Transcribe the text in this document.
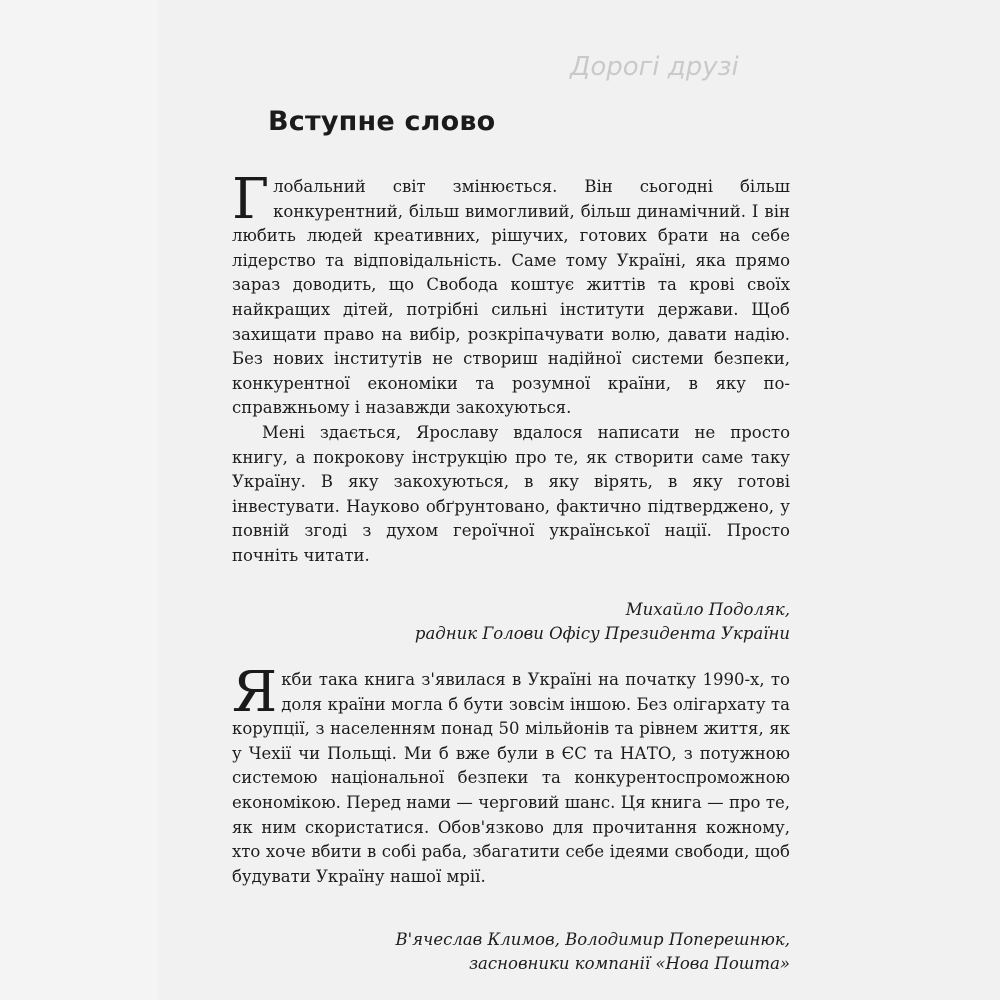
Дорогі друзі
Вступне слово

Глобальний світ змінюється. Він сьогодні більш конкурентний, більш вимогливий, більш динамічний. І він любить людей креативних, рішучих, готових брати на себе лідерство та відповідальність. Саме тому Україні, яка прямо зараз доводить, що Свобода коштує життів та крові своїх найкращих дітей, потрібні сильні інститути держави. Щоб захищати право на вибір, розкріпачувати волю, давати надію. Без нових інститутів не створиш надійної системи безпеки, конкурентної економіки та розумної країни, в яку по-справжньому і назавжди закохуються.

Мені здається, Ярославу вдалося написати не просто книгу, а покрокову інструкцію про те, як створити саме таку Україну. В яку закохуються, в яку вірять, в яку готові інвестувати. Науково обґрунтовано, фактично підтверджено, у повній згоді з духом героїчної української нації. Просто почніть читати.

Михайло Подоляк,
радник Голови Офісу Президента України

Якби така книга з'явилася в Україні на початку 1990-х, то доля країни могла б бути зовсім іншою. Без олігархату та корупції, з населенням понад 50 мільйонів та рівнем життя, як у Чехії чи Польщі. Ми б вже були в ЄС та НАТО, з потужною системою національної безпеки та конкурентоспроможною економікою. Перед нами — черговий шанс. Ця книга — про те, як ним скористатися. Обов'язково для прочитання кожному, хто хоче вбити в собі раба, збагатити себе ідеями свободи, щоб будувати Україну нашої мрії.

В'ячеслав Климов, Володимир Поперешнюк,
засновники компанії «Нова Пошта»
